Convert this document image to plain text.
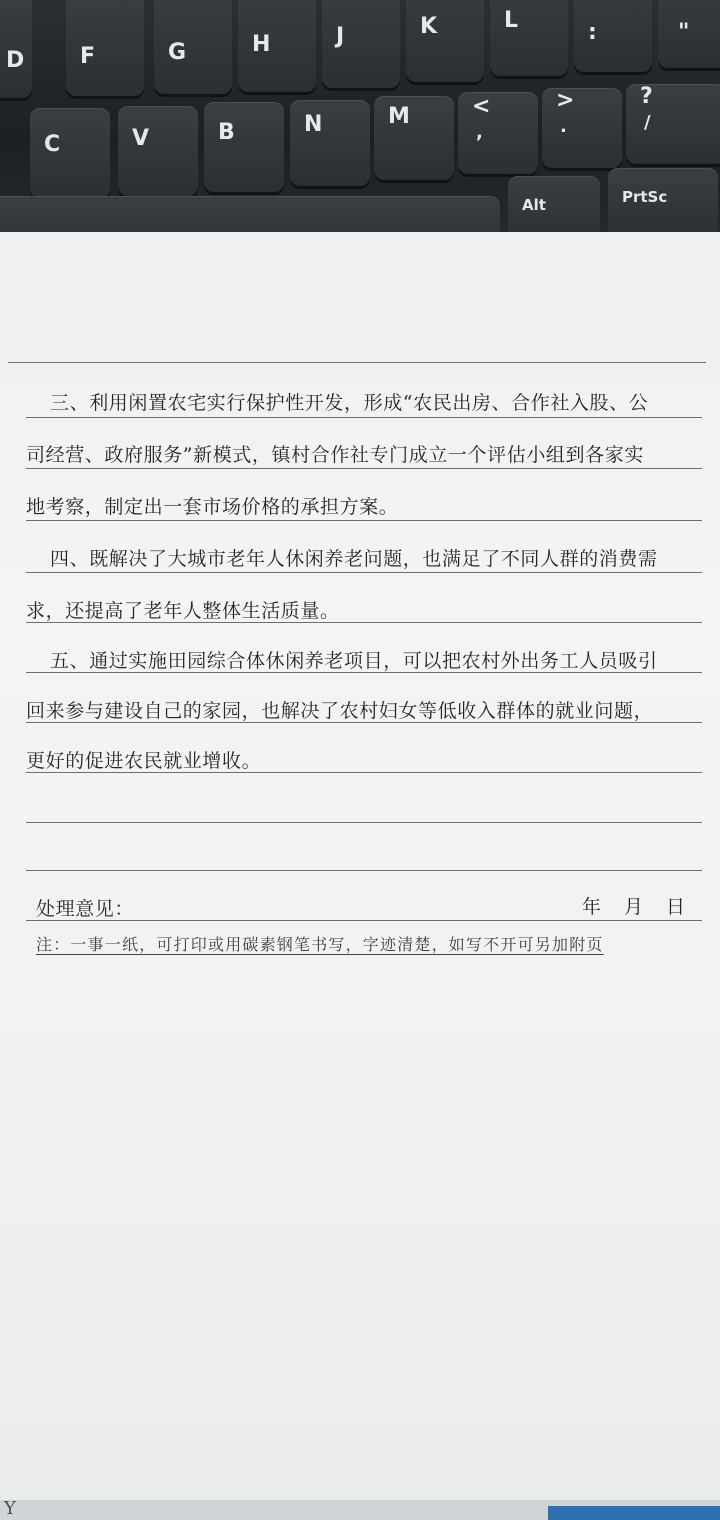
D	F	G	H	J	K	L	:	"
C	V	B	N	M	<
,
>
.
?
/
Alt	PrtSc
三、利用闲置农宅实行保护性开发，形成“农民出房、合作社入股、公
司经营、政府服务”新模式，镇村合作社专门成立一个评估小组到各家实
地考察，制定出一套市场价格的承担方案。
四、既解决了大城市老年人休闲养老问题，也满足了不同人群的消费需
求，还提高了老年人整体生活质量。
五、通过实施田园综合体休闲养老项目，可以把农村外出务工人员吸引
回来参与建设自己的家园，也解决了农村妇女等低收入群体的就业问题，
更好的促进农民就业增收。
处理意见：	年 月 日
注：一事一纸，可打印或用碳素钢笔书写，字迹清楚，如写不开可另加附页
Y
